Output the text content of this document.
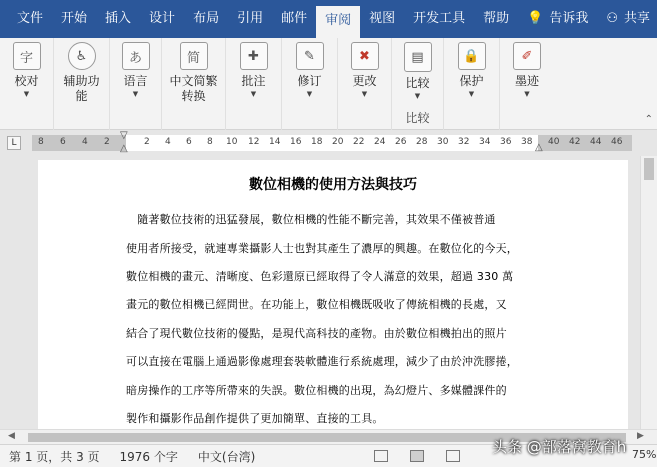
文件	开始	插入	设计	布局	引用	邮件	审阅	视图	开发工具	帮助	💡 告诉我	⚇ 共享
字
校对
▼
♿
辅助功
能
あ
语言
▼
简
中文简繁
转换
✚
批注
▼
✎
修订
▼
✖
更改
▼
▤
比较
▼
比较
🔒
保护
▼
✐
墨迹
▼
⌃
L	8 6 4 2	2 4 6 8 10 12 14 16 18 20 22 24 26 28 30 32 34 36 38 40 42 44 46
▽
△	△
數位相機的使用方法與技巧
　隨著數位技術的迅猛發展，數位相機的性能不斷完善，其效果不僅被普通
使用者所接受，就連專業攝影人士也對其產生了濃厚的興趣。在數位化的今天，
數位相機的畫元、清晰度、色彩還原已經取得了令人滿意的效果，超過 330 萬
畫元的數位相機已經問世。在功能上，數位相機既吸收了傳統相機的長處，又
結合了現代數位技術的優點，是現代高科技的產物。由於數位相機拍出的照片
可以直接在電腦上通過影像處理套裝軟體進行系統處理，減少了由於沖洗膠捲，
暗房操作的工序等所帶來的失誤。數位相機的出現，為幻燈片、多媒體課件的
製作和攝影作品創作提供了更加簡單、直接的工具。
◀	▶
第 1 页，共 3 页 1976 个字 中文(台湾)
头条 @部落窝教育h 75%
